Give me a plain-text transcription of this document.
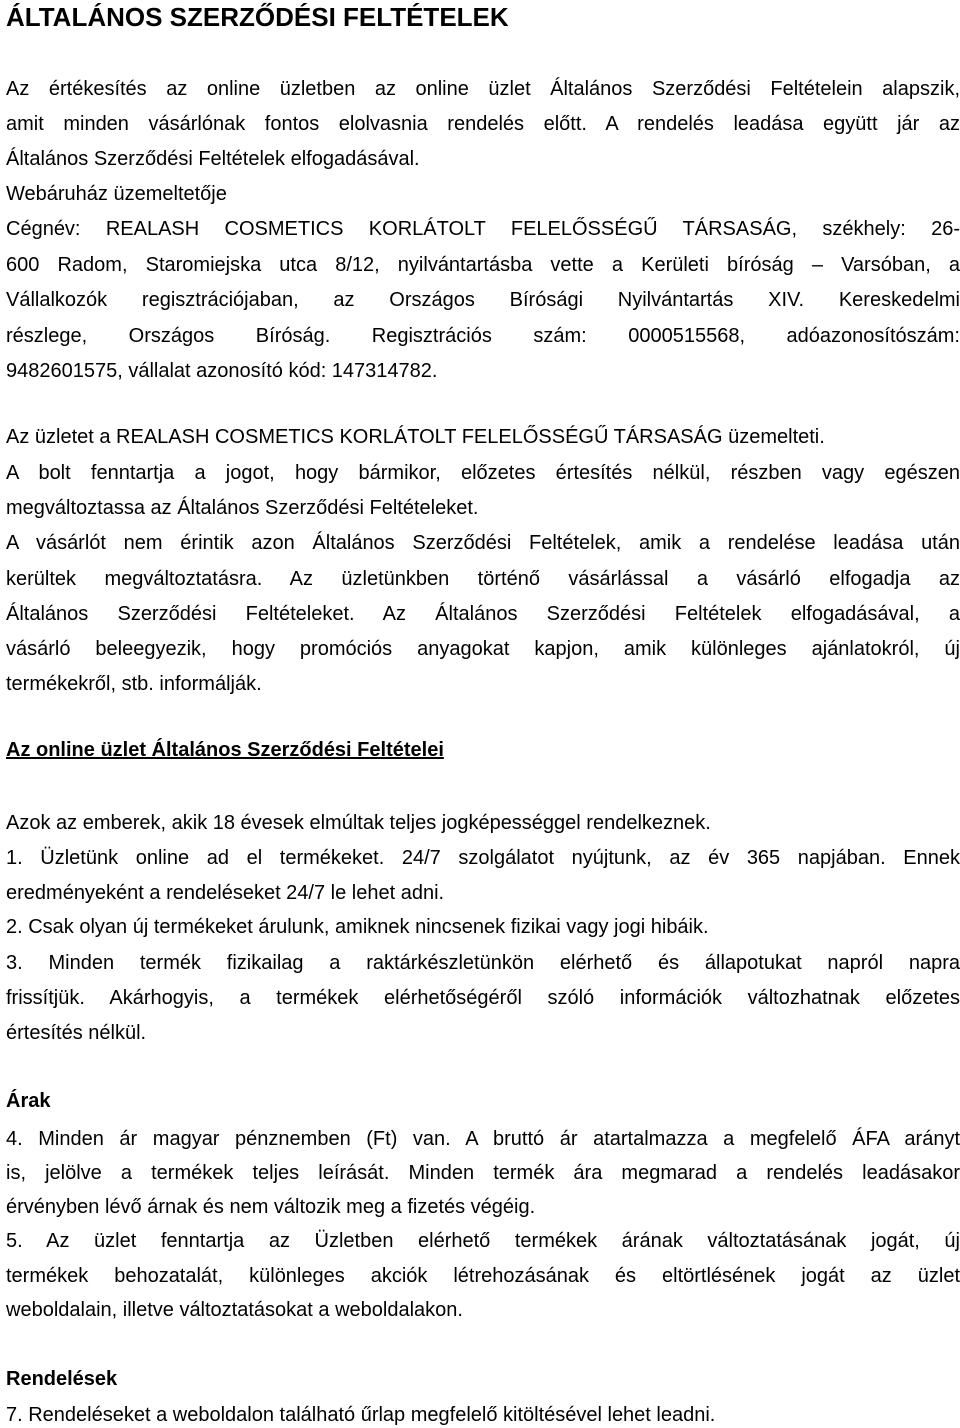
ÁLTALÁNOS SZERZŐDÉSI FELTÉTELEK

Az értékesítés az online üzletben az online üzlet Általános Szerződési Feltételein alapszik,

amit minden vásárlónak fontos elolvasnia rendelés előtt. A rendelés leadása együtt jár az

Általános Szerződési Feltételek elfogadásával.

Webáruház üzemeltetője

Cégnév: REALASH COSMETICS KORLÁTOLT FELELŐSSÉGŰ TÁRSASÁG, székhely: 26-

600 Radom, Staromiejska utca 8/12, nyilvántartásba vette a Kerületi bíróság – Varsóban, a

Vállalkozók regisztrációjaban, az Országos Bírósági Nyilvántartás XIV. Kereskedelmi

részlege, Országos Bíróság. Regisztrációs szám: 0000515568, adóazonosítószám:

9482601575, vállalat azonosító kód: 147314782.

Az üzletet a REALASH COSMETICS KORLÁTOLT FELELŐSSÉGŰ TÁRSASÁG üzemelteti.

A bolt fenntartja a jogot, hogy bármikor, előzetes értesítés nélkül, részben vagy egészen

megváltoztassa az Általános Szerződési Feltételeket.

A vásárlót nem érintik azon Általános Szerződési Feltételek, amik a rendelése leadása után

kerültek megváltoztatásra. Az üzletünkben történő vásárlással a vásárló elfogadja az

Általános Szerződési Feltételeket. Az Általános Szerződési Feltételek elfogadásával, a

vásárló beleegyezik, hogy promóciós anyagokat kapjon, amik különleges ajánlatokról, új

termékekről, stb. informálják.

Az online üzlet Általános Szerződési Feltételei

Azok az emberek, akik 18 évesek elmúltak teljes jogképességgel rendelkeznek.

1. Üzletünk online ad el termékeket. 24/7 szolgálatot nyújtunk, az év 365 napjában. Ennek

eredményeként a rendeléseket 24/7 le lehet adni.

2. Csak olyan új termékeket árulunk, amiknek nincsenek fizikai vagy jogi hibáik.

3. Minden termék fizikailag a raktárkészletünkön elérhető és állapotukat napról napra

frissítjük. Akárhogyis, a termékek elérhetőségéről szóló információk változhatnak előzetes

értesítés nélkül.

Árak

4. Minden ár magyar pénznemben (Ft) van. A bruttó ár atartalmazza a megfelelő ÁFA arányt

is, jelölve a termékek teljes leírását. Minden termék ára megmarad a rendelés leadásakor

érvényben lévő árnak és nem változik meg a fizetés végéig.

5. Az üzlet fenntartja az Üzletben elérhető termékek árának változtatásának jogát, új

termékek behozatalát, különleges akciók létrehozásának és eltörtlésének jogát az üzlet

weboldalain, illetve változtatásokat a weboldalakon.

Rendelések

7. Rendeléseket a weboldalon található űrlap megfelelő kitöltésével lehet leadni.
